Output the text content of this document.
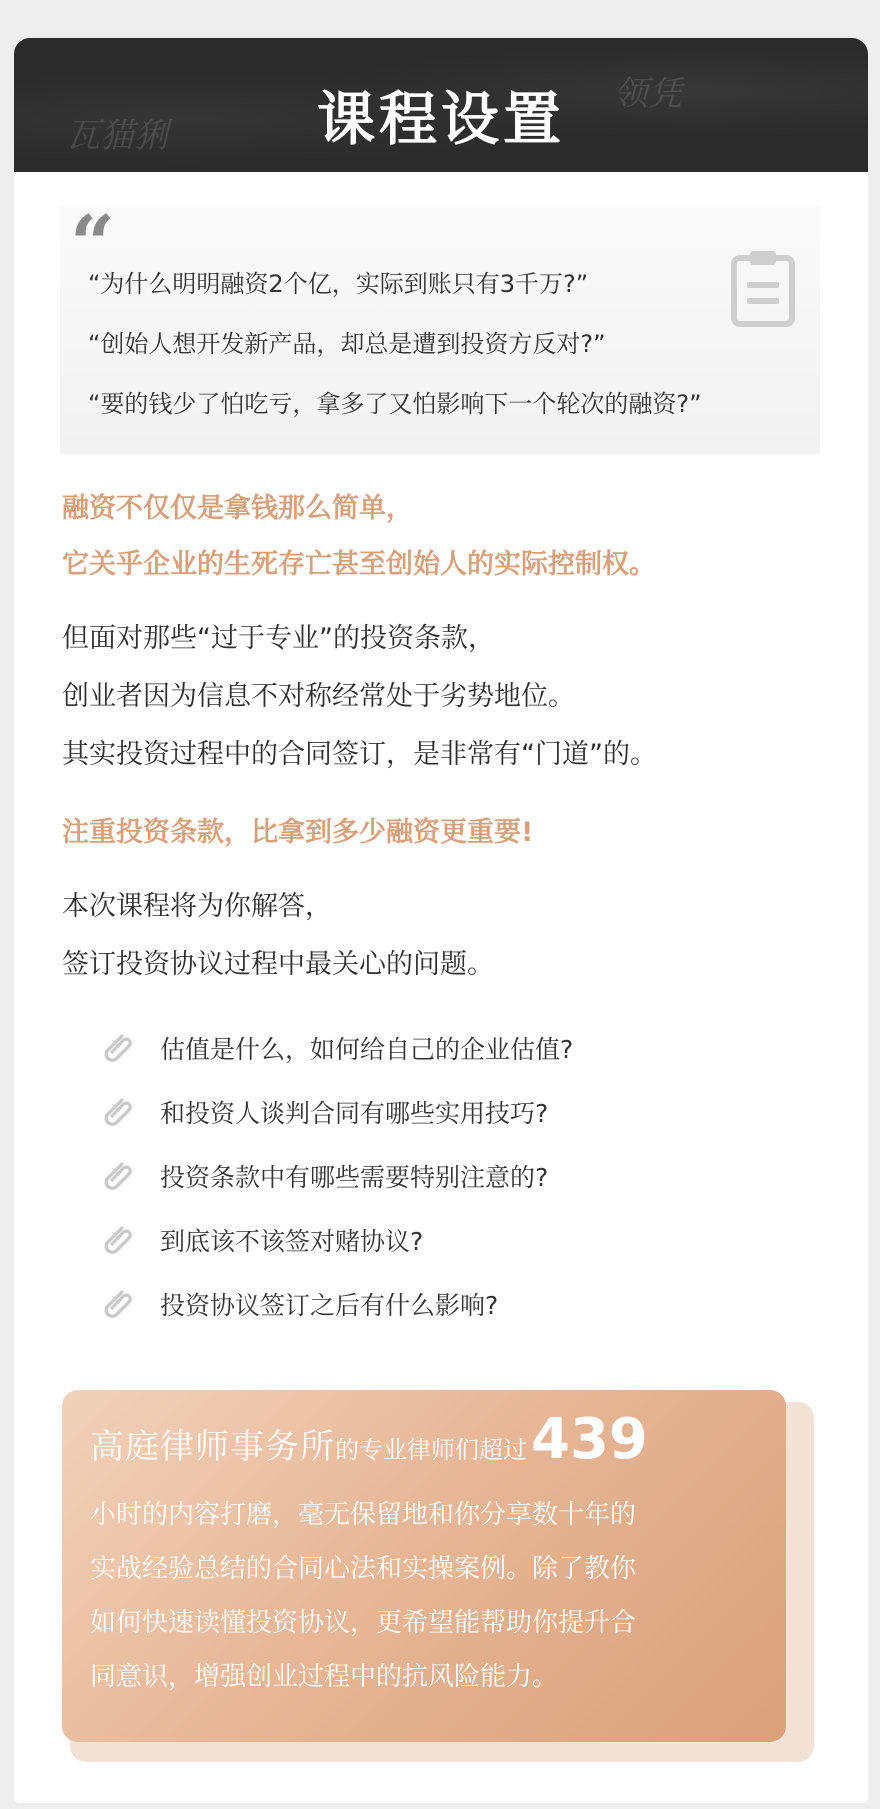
瓦猫猁
领凭
课程设置
“
“为什么明明融资2个亿，实际到账只有3千万?”
“创始人想开发新产品，却总是遭到投资方反对?”
“要的钱少了怕吃亏，拿多了又怕影响下一个轮次的融资?”
融资不仅仅是拿钱那么简单，
它关乎企业的生死存亡甚至创始人的实际控制权。
但面对那些“过于专业”的投资条款，
创业者因为信息不对称经常处于劣势地位。
其实投资过程中的合同签订，是非常有“门道”的。
注重投资条款，比拿到多少融资更重要!
本次课程将为你解答，
签订投资协议过程中最关心的问题。
估值是什么，如何给自己的企业估值?
和投资人谈判合同有哪些实用技巧?
投资条款中有哪些需要特别注意的?
到底该不该签对赌协议?
投资协议签订之后有什么影响?
高庭律师事务所 的专业律师们超过 439
小时的内容打磨，毫无保留地和你分享数十年的
实战经验总结的合同心法和实操案例。除了教你
如何快速读懂投资协议，更希望能帮助你提升合
同意识，增强创业过程中的抗风险能力。
